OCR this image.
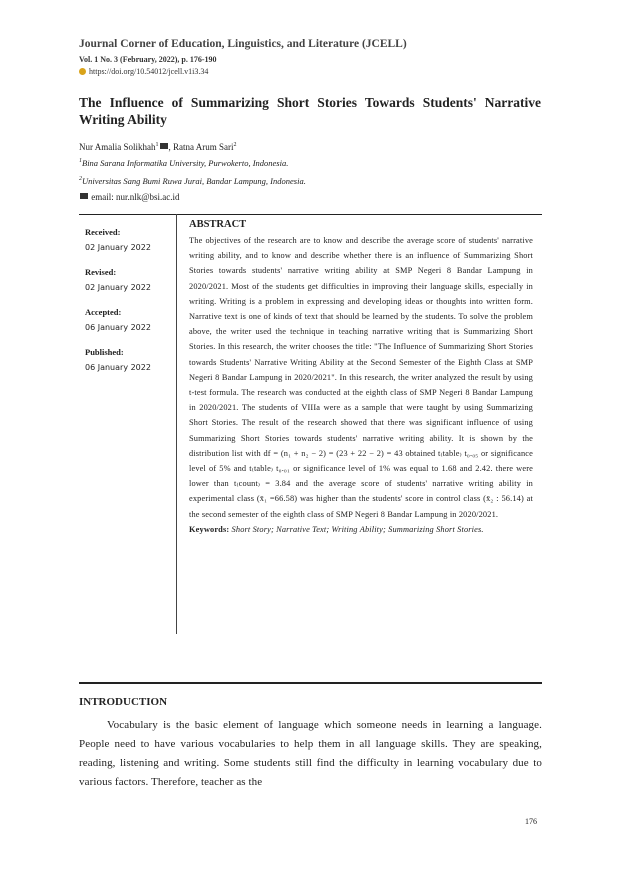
Journal Corner of Education, Linguistics, and Literature (JCELL)
Vol. 1 No. 3 (February, 2022), p. 176-190
https://doi.org/10.54012/jcell.v1i3.34
The Influence of Summarizing Short Stories Towards Students' Narrative Writing Ability
Nur Amalia Solikhah$^1$ , Ratna Arum Sari$^2$
$^1$Bina Sarana Informatika University, Purwokerto, Indonesia.
$^2$Universitas Sang Bumi Ruwa Jurai, Bandar Lampung, Indonesia.
email: nur.nlk@bsi.ac.id
Received:
02 January 2022
Revised:
02 January 2022
Accepted:
06 January 2022
Published:
06 January 2022
ABSTRACT
The objectives of the research are to know and describe the average score of students' narrative writing ability, and to know and describe whether there is an influence of Summarizing Short Stories towards students' narrative writing ability at SMP Negeri 8 Bandar Lampung in 2020/2021. Most of the students get difficulties in improving their language skills, especially in writing. Writing is a problem in expressing and developing ideas or thoughts into written form. Narrative text is one of kinds of text that should be learned by the students. To solve the problem above, the writer used the technique in teaching narrative writing that is Summarizing Short Stories. In this research, the writer chooses the title: "The Influence of Summarizing Short Stories towards Students' Narrative Writing Ability at the Second Semester of the Eighth Class at SMP Negeri 8 Bandar Lampung in 2020/2021". In this research, the writer analyzed the result by using t-test formula. The research was conducted at the eighth class of SMP Negeri 8 Bandar Lampung in 2020/2021. The students of VIIIa were as a sample that were taught by using Summarizing Short Stories. The result of the research showed that there was significant influence of using Summarizing Short Stories towards students' narrative writing ability. It is shown by the distribution list with df = (n₁ + n₂ − 2) = (23 + 22 − 2) = 43 obtained t₍table₎ t₀.₀₅ or significance level of 5% and t₍table₎ t₀.₀₁ or significance level of 1% was equal to 1.68 and 2.42. there were lower than t₍count₎ = 3.84 and the average score of students' narrative writing ability in experimental class (x̄₁ =66.58) was higher than the students' score in control class (x̄₂ : 56.14) at the second semester of the eighth class of SMP Negeri 8 Bandar Lampung in 2020/2021.
Keywords: Short Story; Narrative Text; Writing Ability; Summarizing Short Stories.
INTRODUCTION
Vocabulary is the basic element of language which someone needs in learning a language. People need to have various vocabularies to help them in all language skills. They are speaking, reading, listening and writing. Some students still find the difficulty in learning vocabulary due to various factors. Therefore, teacher as the
176
